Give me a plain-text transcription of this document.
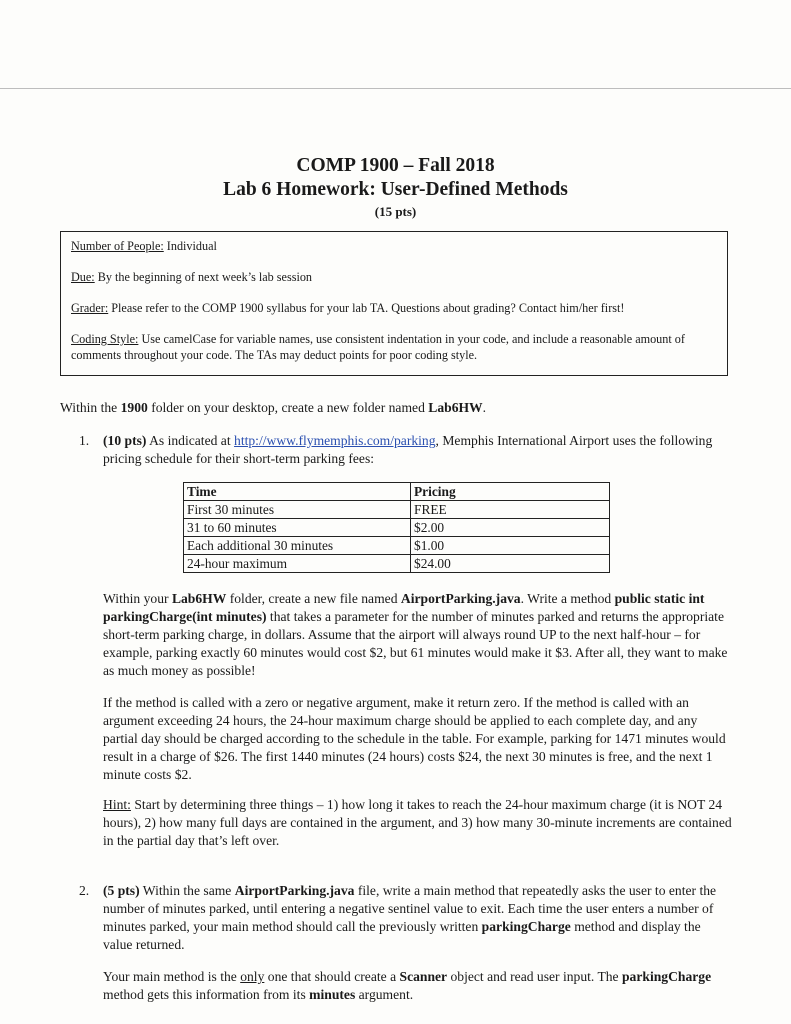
COMP 1900 – Fall 2018
Lab 6 Homework: User-Defined Methods
(15 pts)

Number of People: Individual

Due: By the beginning of next week’s lab session

Grader: Please refer to the COMP 1900 syllabus for your lab TA. Questions about grading? Contact him/her first!

Coding Style: Use camelCase for variable names, use consistent indentation in your code, and include a reasonable amount of comments throughout your code. The TAs may deduct points for poor coding style.

Within the 1900 folder on your desktop, create a new folder named Lab6HW.
1. (10 pts) As indicated at http://www.flymemphis.com/parking, Memphis International Airport uses the following pricing schedule for their short-term parking fees:
Time	Pricing
First 30 minutes	FREE
31 to 60 minutes	$2.00
Each additional 30 minutes	$1.00
24-hour maximum	$24.00
Within your Lab6HW folder, create a new file named AirportParking.java. Write a method public static int parkingCharge(int minutes) that takes a parameter for the number of minutes parked and returns the appropriate short-term parking charge, in dollars. Assume that the airport will always round UP to the next half-hour – for example, parking exactly 60 minutes would cost $2, but 61 minutes would make it $3. After all, they want to make as much money as possible!
If the method is called with a zero or negative argument, make it return zero. If the method is called with an argument exceeding 24 hours, the 24-hour maximum charge should be applied to each complete day, and any partial day should be charged according to the schedule in the table. For example, parking for 1471 minutes would result in a charge of $26. The first 1440 minutes (24 hours) costs $24, the next 30 minutes is free, and the next 1 minute costs $2.
Hint: Start by determining three things – 1) how long it takes to reach the 24-hour maximum charge (it is NOT 24 hours), 2) how many full days are contained in the argument, and 3) how many 30-minute increments are contained in the partial day that’s left over.
2. (5 pts) Within the same AirportParking.java file, write a main method that repeatedly asks the user to enter the number of minutes parked, until entering a negative sentinel value to exit. Each time the user enters a number of minutes parked, your main method should call the previously written parkingCharge method and display the value returned.
Your main method is the only one that should create a Scanner object and read user input. The parkingCharge method gets this information from its minutes argument.
